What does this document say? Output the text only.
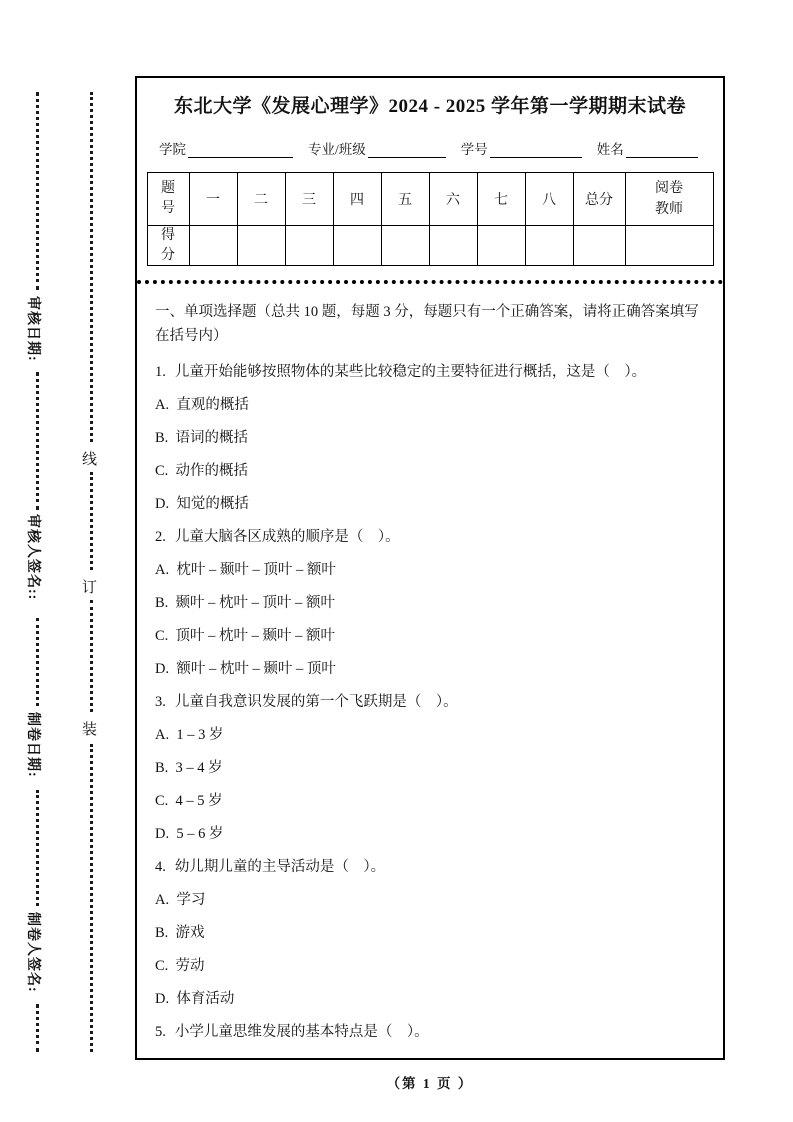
审核日期:
审核人签名::
制卷日期:
制卷人签名:
线
订
装
东北大学《发展心理学》2024 - 2025 学年第一学期期末试卷
学院	专业/班级	学号	姓名
题号	一	二	三	四	五	六	七	八	总分	阅卷教师
得分										
一、单项选择题（总共 10 题，每题 3 分，每题只有一个正确答案，请将正确答案填写在括号内）
1. 儿童开始能够按照物体的某些比较稳定的主要特征进行概括，这是（　）。
A.  直观的概括
B.  语词的概括
C.  动作的概括
D.  知觉的概括
2. 儿童大脑各区成熟的顺序是（　）。
A.  枕叶 – 颞叶 – 顶叶 – 额叶
B.  颞叶 – 枕叶 – 顶叶 – 额叶
C.  顶叶 – 枕叶 – 颞叶 – 额叶
D.  额叶 – 枕叶 – 颞叶 – 顶叶
3. 儿童自我意识发展的第一个飞跃期是（　）。
A.  1 – 3 岁
B.  3 – 4 岁
C.  4 – 5 岁
D.  5 – 6 岁
4. 幼儿期儿童的主导活动是（　）。
A.  学习
B.  游戏
C.  劳动
D.  体育活动
5. 小学儿童思维发展的基本特点是（　）。
（第 1 页 ）
